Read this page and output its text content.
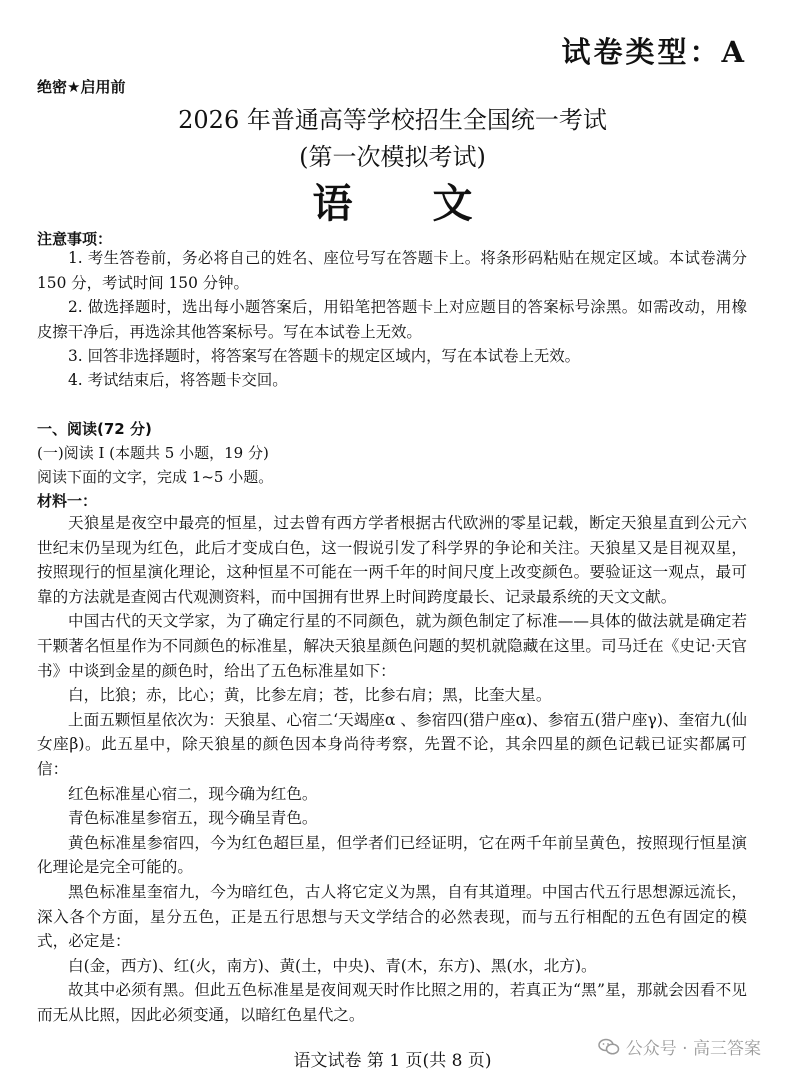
试卷类型：A
绝密★启用前
2026 年普通高等学校招生全国统一考试
(第一次模拟考试)
语　　文
注意事项：
1. 考生答卷前，务必将自己的姓名、座位号写在答题卡上。将条形码粘贴在规定区域。本试卷满分 150 分，考试时间 150 分钟。
2. 做选择题时，选出每小题答案后，用铅笔把答题卡上对应题目的答案标号涂黑。如需改动，用橡皮擦干净后，再选涂其他答案标号。写在本试卷上无效。
3. 回答非选择题时，将答案写在答题卡的规定区域内，写在本试卷上无效。
4. 考试结束后，将答题卡交回。
一、阅读(72 分)
(一)阅读 I (本题共 5 小题，19 分)
阅读下面的文字，完成 1~5 小题。
材料一：

天狼星是夜空中最亮的恒星，过去曾有西方学者根据古代欧洲的零星记载，断定天狼星直到公元六世纪末仍呈现为红色，此后才变成白色，这一假说引发了科学界的争论和关注。天狼星又是目视双星，按照现行的恒星演化理论，这种恒星不可能在一两千年的时间尺度上改变颜色。要验证这一观点，最可靠的方法就是查阅古代观测资料，而中国拥有世界上时间跨度最长、记录最系统的天文文献。

中国古代的天文学家，为了确定行星的不同颜色，就为颜色制定了标准——具体的做法就是确定若干颗著名恒星作为不同颜色的标准星，解决天狼星颜色问题的契机就隐藏在这里。司马迁在《史记·天官书》中谈到金星的颜色时，给出了五色标准星如下：

白，比狼；赤，比心；黄，比参左肩；苍，比参右肩；黑，比奎大星。

上面五颗恒星依次为：天狼星、心宿二‘天竭座α 、参宿四(猎户座α)、参宿五(猎户座γ)、奎宿九(仙女座β)。此五星中，除天狼星的颜色因本身尚待考察，先置不论，其余四星的颜色记载已证实都属可信：

红色标准星心宿二，现今确为红色。

青色标准星参宿五，现今确呈青色。

黄色标准星参宿四，今为红色超巨星，但学者们已经证明，它在两千年前呈黄色，按照现行恒星演化理论是完全可能的。

黑色标准星奎宿九，今为暗红色，古人将它定义为黑，自有其道理。中国古代五行思想源远流长，深入各个方面，星分五色，正是五行思想与天文学结合的必然表现，而与五行相配的五色有固定的模式，必定是：

白(金，西方)、红(火，南方)、黄(土，中央)、青(木，东方)、黑(水，北方)。

故其中必须有黑。但此五色标准星是夜间观天时作比照之用的，若真正为“黑”星，那就会因看不见而无从比照，因此必须变通，以暗红色星代之。

语文试卷 第 1 页(共 8 页)
公众号 · 高三答案
